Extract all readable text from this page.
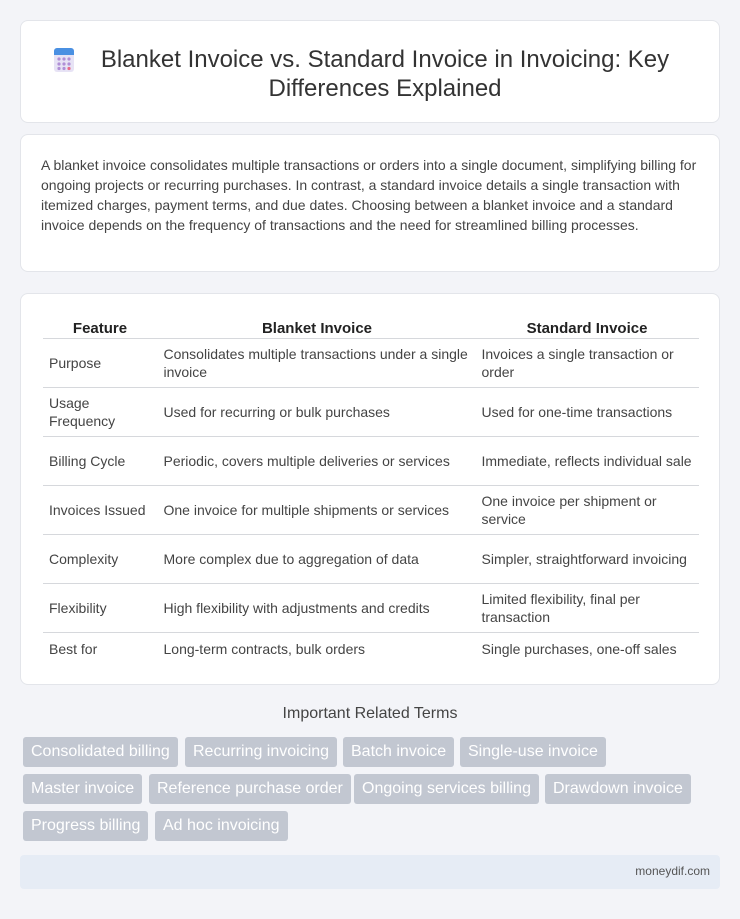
Blanket Invoice vs. Standard Invoice in Invoicing: Key Differences Explained

A blanket invoice consolidates multiple transactions or orders into a single document, simplifying billing for ongoing projects or recurring purchases. In contrast, a standard invoice details a single transaction with itemized charges, payment terms, and due dates. Choosing between a blanket invoice and a standard invoice depends on the frequency of transactions and the need for streamlined billing processes.

Feature	Blanket Invoice	Standard Invoice
Purpose	Consolidates multiple transactions under a single invoice	Invoices a single transaction or order
Usage Frequency	Used for recurring or bulk purchases	Used for one-time transactions
Billing Cycle	Periodic, covers multiple deliveries or services	Immediate, reflects individual sale
Invoices Issued	One invoice for multiple shipments or services	One invoice per shipment or service
Complexity	More complex due to aggregation of data	Simpler, straightforward invoicing
Flexibility	High flexibility with adjustments and credits	Limited flexibility, final per transaction
Best for	Long-term contracts, bulk orders	Single purchases, one-off sales
Important Related Terms
Consolidated billing	Recurring invoicing	Batch invoice	Single-use invoice
Master invoice	Reference purchase order	Ongoing services billing	Drawdown invoice
Progress billing	Ad hoc invoicing
moneydif.com
